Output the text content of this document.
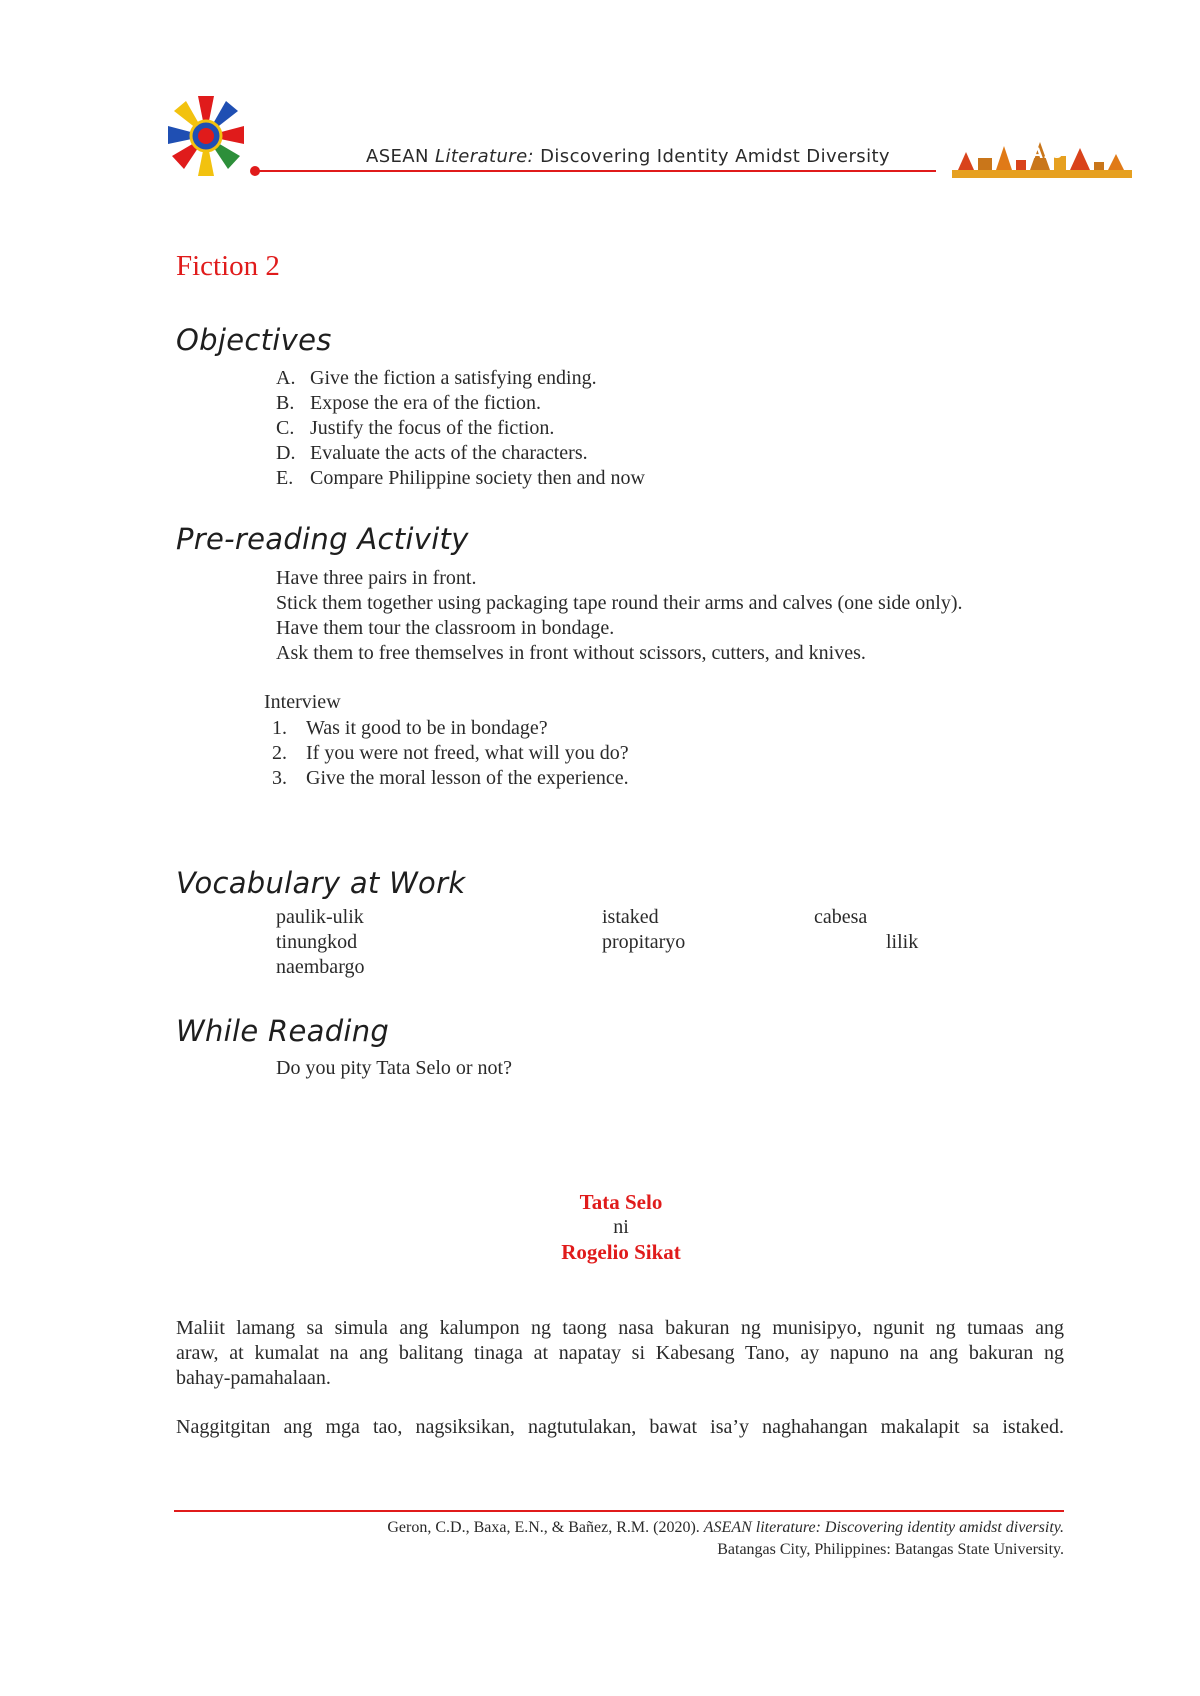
ASEAN Literature: Discovering Identity Amidst Diversity	A15
Fiction 2
Objectives
A. Give the fiction a satisfying ending.
B. Expose the era of the fiction.
C. Justify the focus of the fiction.
D. Evaluate the acts of the characters.
E. Compare Philippine society then and now
Pre-reading Activity
Have three pairs in front.
Stick them together using packaging tape round their arms and calves (one side only).
Have them tour the classroom in bondage.
Ask them to free themselves in front without scissors, cutters, and knives.
Interview
1. Was it good to be in bondage?
2. If you were not freed, what will you do?
3. Give the moral lesson of the experience.
Vocabulary at Work
paulik-ulik	istaked	cabesa
tinungkod	propitaryo	lilik
naembargo
While Reading
Do you pity Tata Selo or not?
Tata Selo
ni
Rogelio Sikat
Maliit lamang sa simula ang kalumpon ng taong nasa bakuran ng munisipyo, ngunit ng tumaas ang
araw, at kumalat na ang balitang tinaga at napatay si Kabesang Tano, ay napuno na ang bakuran ng
bahay-pamahalaan.
Naggitgitan ang mga tao, nagsiksikan, nagtutulakan, bawat isa’y naghahangan makalapit sa istaked.
Geron, C.D., Baxa, E.N., & Bañez, R.M. (2020). ASEAN literature: Discovering identity amidst diversity.
Batangas City, Philippines: Batangas State University.
